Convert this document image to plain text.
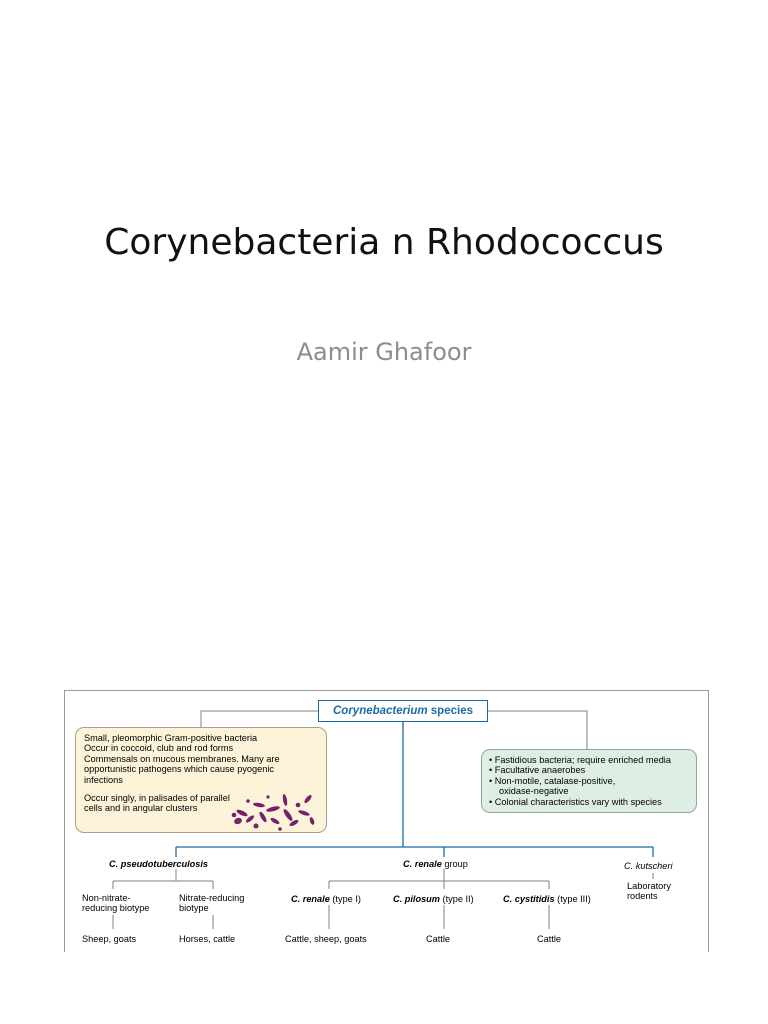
Corynebacteria n Rhodococcus
Aamir Ghafoor
Corynebacterium species
Small, pleomorphic Gram-positive bacteria
Occur in coccoid, club and rod forms
Commensals on mucous membranes. Many are
opportunistic pathogens which cause pyogenic
infections
Occur singly, in palisades of parallel
cells and in angular clusters
• Fastidious bacteria; require enriched media
• Facultative anaerobes
• Non-motile, catalase-positive,
oxidase-negative
• Colonial characteristics vary with species
C. pseudotuberculosis	C. renale group	C. kutscheri
Non-nitrate-
reducing biotype
Nitrate-reducing
biotype
C. renale (type I)	C. pilosum (type II)	C. cystitidis (type III)
Laboratory
rodents
Sheep, goats	Horses, cattle	Cattle, sheep, goats	Cattle	Cattle
